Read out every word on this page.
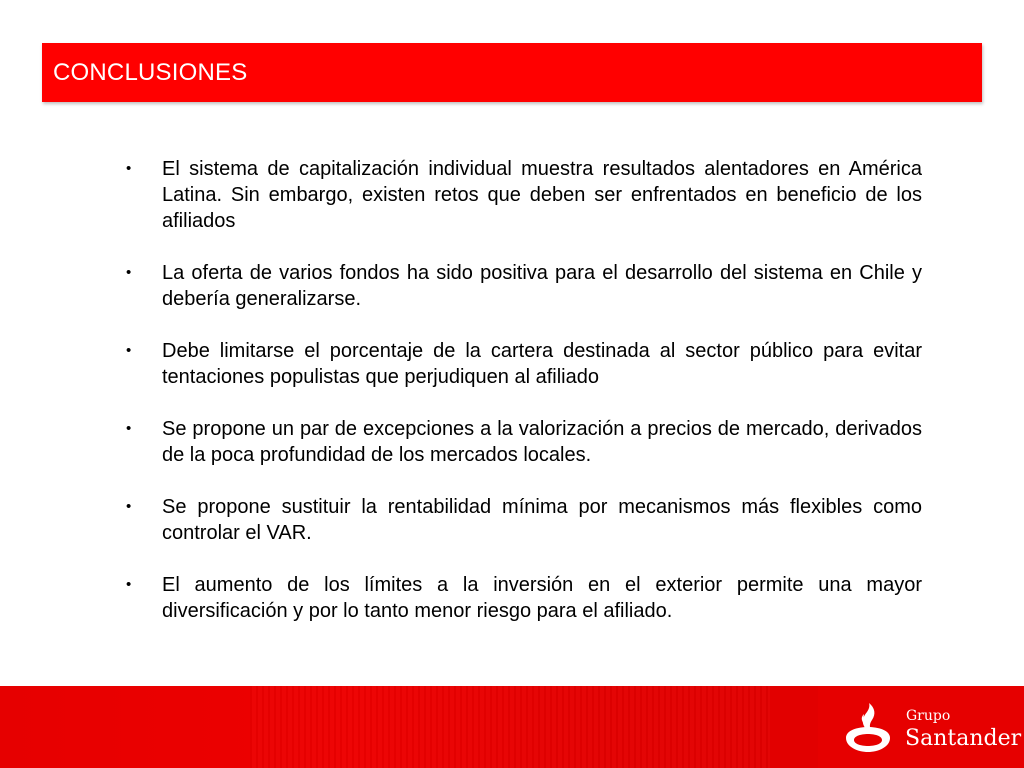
CONCLUSIONES
•	El sistema de capitalización individual muestra resultados alentadores en América Latina. Sin embargo, existen retos que deben ser enfrentados en beneficio de los afiliados
•	La oferta de varios fondos ha sido positiva para el desarrollo del sistema en Chile y debería generalizarse.
•	Debe limitarse el porcentaje de la cartera destinada al sector público para evitar tentaciones populistas que perjudiquen al afiliado
•	Se propone un par de excepciones a la valorización a precios de mercado, derivados de la poca profundidad de los mercados locales.
•	Se propone sustituir la rentabilidad mínima por mecanismos más flexibles como controlar el VAR.
•	El aumento de los límites a la inversión en el exterior permite una mayor diversificación y por lo tanto menor riesgo para el afiliado.
Grupo
Santander
